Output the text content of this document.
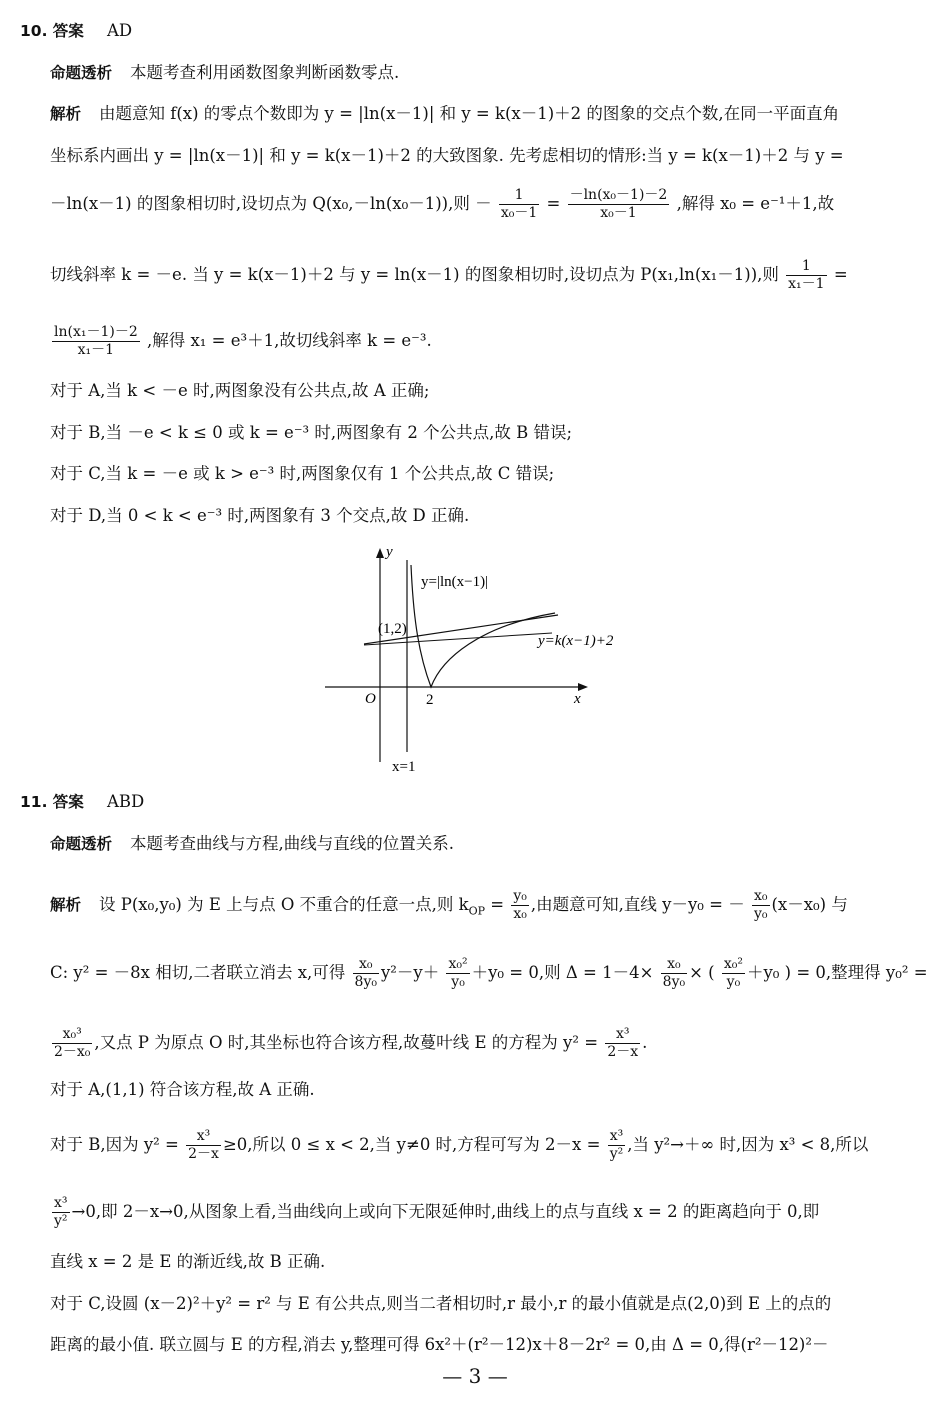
10. 答案 AD
命题透析 本题考查利用函数图象判断函数零点.
解析 由题意知 f(x) 的零点个数即为 y = |ln(x－1)| 和 y = k(x－1)＋2 的图象的交点个数,在同一平面直角
坐标系内画出 y = |ln(x－1)| 和 y = k(x－1)＋2 的大致图象. 先考虑相切的情形:当 y = k(x－1)＋2 与 y =
－ln(x－1) 的图象相切时,设切点为 Q(x₀,－ln(x₀－1)),则 － $\frac{1}{\text{x₀－1}} = \frac{\text{－ln(x₀－1)－2}}{\text{x₀－1}}$ ,解得 x₀ = e⁻¹＋1,故
切线斜率 k = －e. 当 y = k(x－1)＋2 与 y = ln(x－1) 的图象相切时,设切点为 P(x₁,ln(x₁－1)),则 $\frac{1}{\text{x₁－1}}$ =
$\frac{\text{ln(x₁－1)－2}}{\text{x₁－1}}$ ,解得 x₁ = e³＋1,故切线斜率 k = e⁻³.
对于 A,当 k < －e 时,两图象没有公共点,故 A 正确;
对于 B,当 －e < k ≤ 0 或 k = e⁻³ 时,两图象有 2 个公共点,故 B 错误;
对于 C,当 k = －e 或 k > e⁻³ 时,两图象仅有 1 个公共点,故 C 错误;
对于 D,当 0 < k < e⁻³ 时,两图象有 3 个交点,故 D 正确.
y
y=|ln(x−1)|
(1,2)
y=k(x−1)+2
O	2	x
x=1
11. 答案 ABD
命题透析 本题考查曲线与方程,曲线与直线的位置关系.
解析 设 P(x₀,y₀) 为 E 上与点 O 不重合的任意一点,则 $k_{OP} = \frac{\text{y₀}}{\text{x₀}}$ ,由题意可知,直线 y－y₀ = － $\frac{\text{x₀}}{\text{y₀}} (x-x_0)$ 与
C: y² = －8x 相切,二者联立消去 x,可得 $\frac{\text{x₀}}{\text{8y₀}} y^2-y+ \frac{\text{x₀²}}{\text{y₀}} +y_0 = 0$,则 $\Delta = 1-4\times \frac{\text{x₀}}{\text{8y₀}}$ × ( $\frac{\text{x₀²}}{\text{y₀}} +y_0$ ) = 0,整理得 y₀² =
$\frac{\text{x₀³}}{\text{2－x₀}}$ ,又点 P 为原点 O 时,其坐标也符合该方程,故蔓叶线 E 的方程为 $y^2 = \frac{\text{x³}}{2-x}$ .
对于 A,(1,1) 符合该方程,故 A 正确.
对于 B,因为 $y^2 = \frac{\text{x³}}{2-x} \ge 0$,所以 0 ≤ x < 2,当 y≠0 时,方程可写为 $2-x = \frac{\text{x³}}{\text{y²}}$ ,当 y²→＋∞ 时,因为 x³ < 8,所以
$\frac{\text{x³}}{\text{y²}} \to 0$,即 2－x→0,从图象上看,当曲线向上或向下无限延伸时,曲线上的点与直线 x = 2 的距离趋向于 0,即
直线 x = 2 是 E 的渐近线,故 B 正确.
对于 C,设圆 (x－2)²＋y² = r² 与 E 有公共点,则当二者相切时,r 最小,r 的最小值就是点(2,0)到 E 上的点的
距离的最小值. 联立圆与 E 的方程,消去 y,整理可得 6x²＋(r²－12)x＋8－2r² = 0,由 Δ = 0,得(r²－12)²－
— 3 —
